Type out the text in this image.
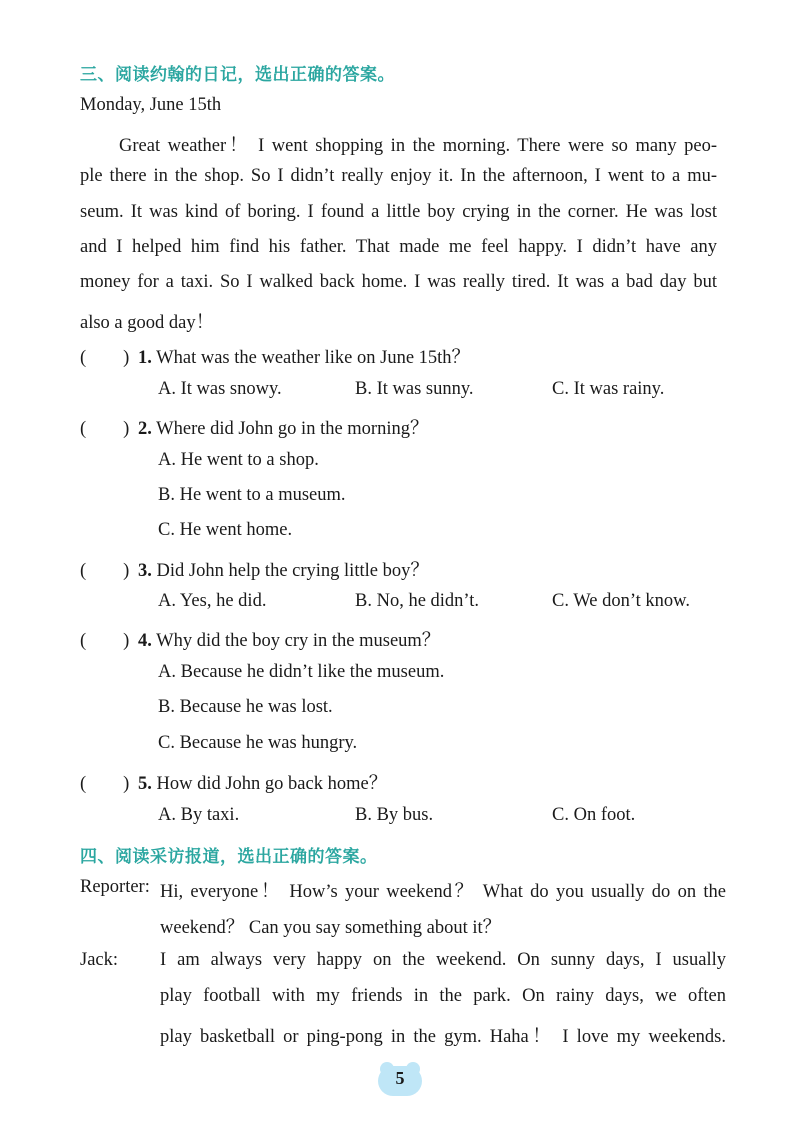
三、阅读约翰的日记，选出正确的答案。
Monday, June 15th
Great weather！ I went shopping in the morning. There were so many peo-
ple there in the shop. So I didn’t really enjoy it. In the afternoon, I went to a mu-
seum. It was kind of boring. I found a little boy crying in the corner. He was lost
and I helped him find his father. That made me feel happy. I didn’t have any
money for a taxi. So I walked back home. I was really tired. It was a bad day but
also a good day！
(　　) 1. What was the weather like on June 15th？
A. It was snowy.	B. It was sunny.	C. It was rainy.
(　　) 2. Where did John go in the morning？
A. He went to a shop.
B. He went to a museum.
C. He went home.
(　　) 3. Did John help the crying little boy？
A. Yes, he did.	B. No, he didn’t.	C. We don’t know.
(　　) 4. Why did the boy cry in the museum？
A. Because he didn’t like the museum.
B. Because he was lost.
C. Because he was hungry.
(　　) 5. How did John go back home？
A. By taxi.	B. By bus.	C. On foot.
四、阅读采访报道，选出正确的答案。
Reporter: Hi, everyone！ How’s your weekend？ What do you usually do on the
weekend？ Can you say something about it？
Jack: I am always very happy on the weekend. On sunny days, I usually
play football with my friends in the park. On rainy days, we often
play basketball or ping-pong in the gym. Haha！ I love my weekends.
5
